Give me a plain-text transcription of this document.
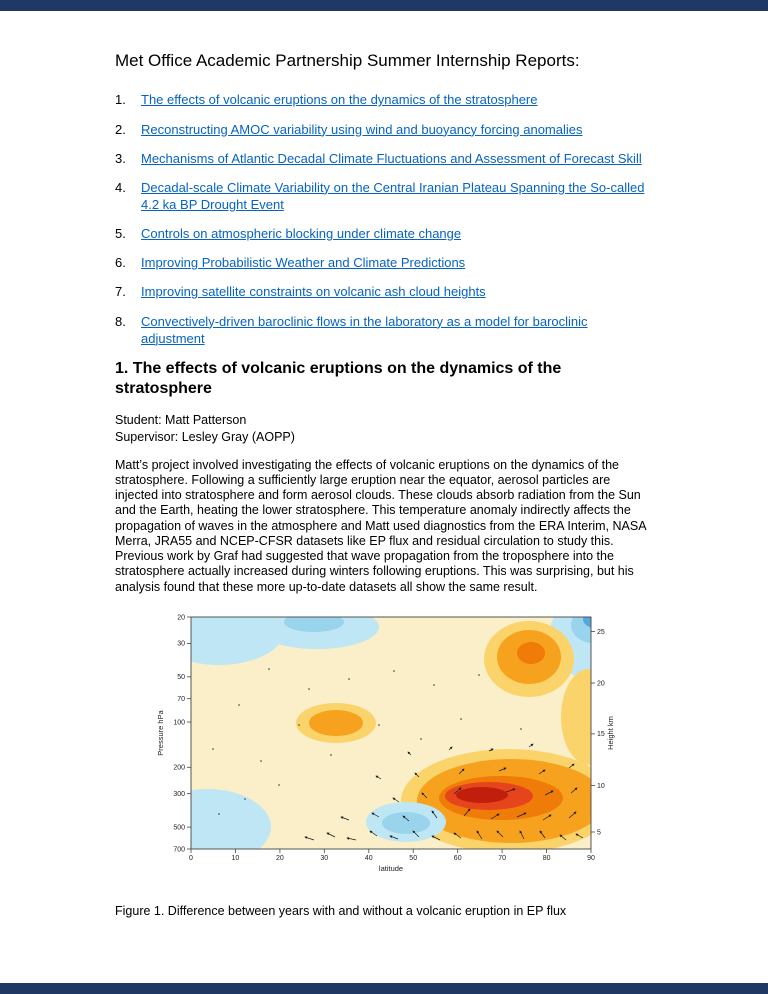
Met Office Academic Partnership Summer Internship Reports:
1.	The effects of volcanic eruptions on the dynamics of the stratosphere
2.	Reconstructing AMOC variability using wind and buoyancy forcing anomalies
3.	Mechanisms of Atlantic Decadal Climate Fluctuations and Assessment of Forecast Skill
4.	Decadal-scale Climate Variability on the Central Iranian Plateau Spanning the So-called 4.2 ka BP Drought Event
5.	Controls on atmospheric blocking under climate change
6.	Improving Probabilistic Weather and Climate Predictions
7.	Improving satellite constraints on volcanic ash cloud heights
8.	Convectively-driven baroclinic flows in the laboratory as a model for baroclinic adjustment
1. The effects of volcanic eruptions on the dynamics of the stratosphere
Student: Matt Patterson
Supervisor: Lesley Gray (AOPP)
Matt’s project involved investigating the effects of volcanic eruptions on the dynamics of the stratosphere. Following a sufficiently large eruption near the equator, aerosol particles are injected into stratosphere and form aerosol clouds. These clouds absorb radiation from the Sun and the Earth, heating the lower stratosphere. This temperature anomaly indirectly affects the propagation of waves in the atmosphere and Matt used diagnostics from the ERA Interim, NASA Merra, JRA55 and NCEP-CFSR datasets like EP flux and residual circulation to study this. Previous work by Graf had suggested that wave propagation from the troposphere into the stratosphere actually increased during winters following eruptions. This was surprising, but his analysis found that these more up-to-date datasets all show the same result.
20
30
50
70
100
200
300
500
700
Pressure hPa
25
20
15
10
5
Height km
0	10	20	30	40	50	60	70	80	90
latitude
Figure 1. Difference between years with and without a volcanic eruption in EP flux
